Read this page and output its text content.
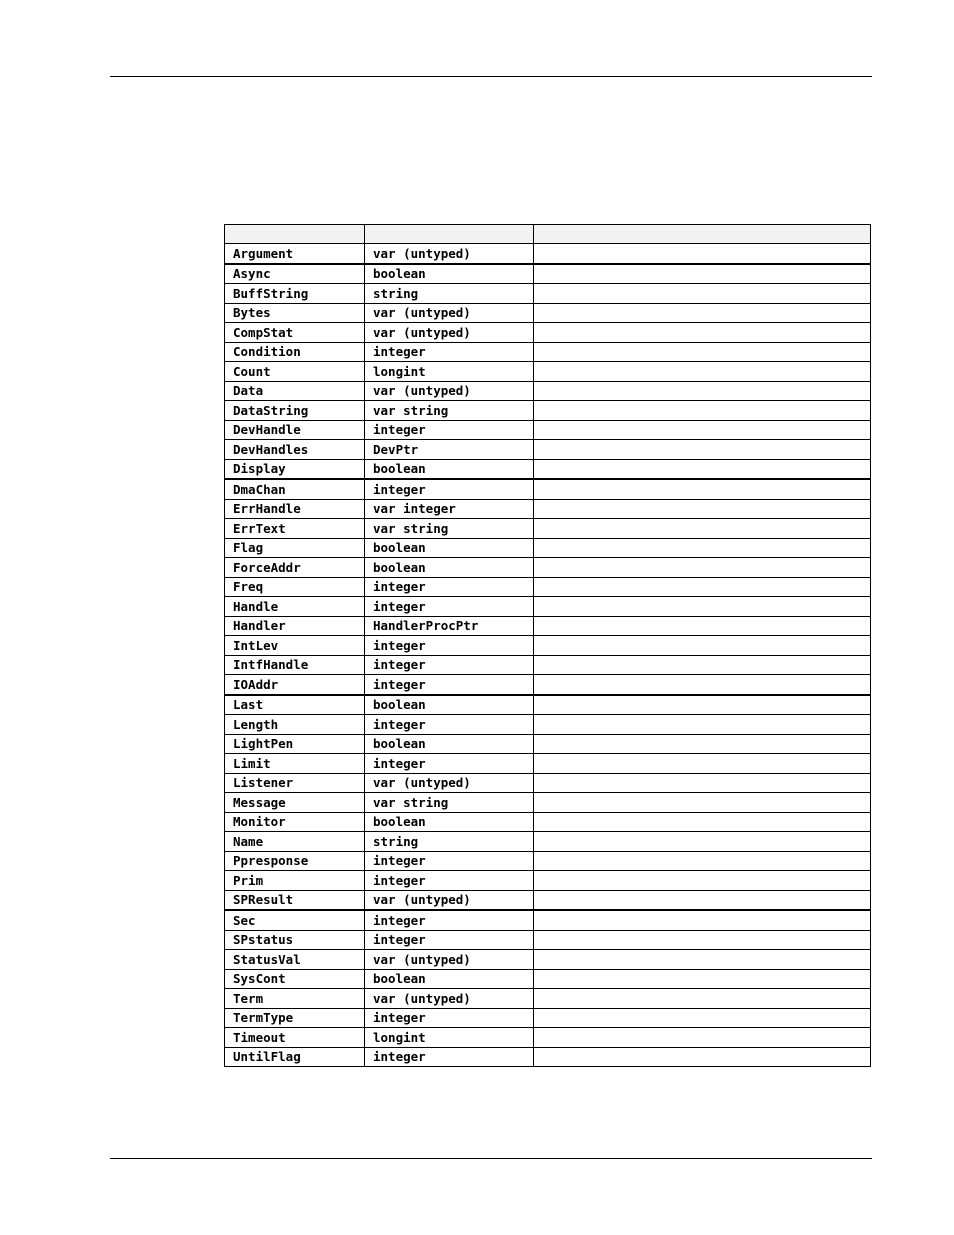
Argument	var (untyped)	
Async	boolean	
BuffString	string	
Bytes	var (untyped)	
CompStat	var (untyped)	
Condition	integer	
Count	longint	
Data	var (untyped)	
DataString	var string	
DevHandle	integer	
DevHandles	DevPtr	
Display	boolean	
DmaChan	integer	
ErrHandle	var integer	
ErrText	var string	
Flag	boolean	
ForceAddr	boolean	
Freq	integer	
Handle	integer	
Handler	HandlerProcPtr	
IntLev	integer	
IntfHandle	integer	
IOAddr	integer	
Last	boolean	
Length	integer	
LightPen	boolean	
Limit	integer	
Listener	var (untyped)	
Message	var string	
Monitor	boolean	
Name	string	
Ppresponse	integer	
Prim	integer	
SPResult	var (untyped)	
Sec	integer	
SPstatus	integer	
StatusVal	var (untyped)	
SysCont	boolean	
Term	var (untyped)	
TermType	integer	
Timeout	longint	
UntilFlag	integer	
